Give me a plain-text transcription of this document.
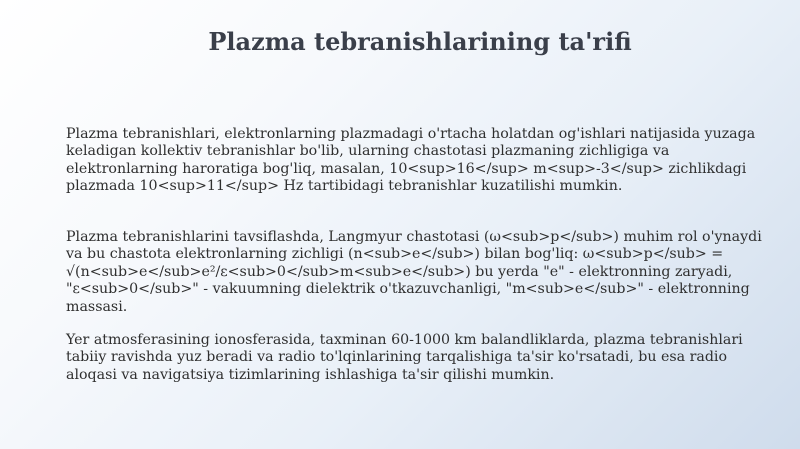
Plazma tebranishlarining ta'rifi

Plazma tebranishlari, elektronlarning plazmadagi o'rtacha holatdan og'ishlari natijasida yuzaga keladigan kollektiv tebranishlar bo'lib, ularning chastotasi plazmaning zichligiga va elektronlarning haroratiga bog'liq, masalan, 10<sup>16</sup> m<sup>-3</sup> zichlikdagi plazmada 10<sup>11</sup> Hz tartibidagi tebranishlar kuzatilishi mumkin.

Plazma tebranishlarini tavsiflashda, Langmyur chastotasi (ω<sub>p</sub>) muhim rol o'ynaydi va bu chastota elektronlarning zichligi (n<sub>e</sub>) bilan bog'liq: ω<sub>p</sub> = √(n<sub>e</sub>e²/ε<sub>0</sub>m<sub>e</sub>) bu yerda "e" - elektronning zaryadi, "ε<sub>0</sub>" - vakuumning dielektrik o'tkazuvchanligi, "m<sub>e</sub>" - elektronning massasi.

Yer atmosferasining ionosferasida, taxminan 60-1000 km balandliklarda, plazma tebranishlari tabiiy ravishda yuz beradi va radio to'lqinlarining tarqalishiga ta'sir ko'rsatadi, bu esa radio aloqasi va navigatsiya tizimlarining ishlashiga ta'sir qilishi mumkin.
